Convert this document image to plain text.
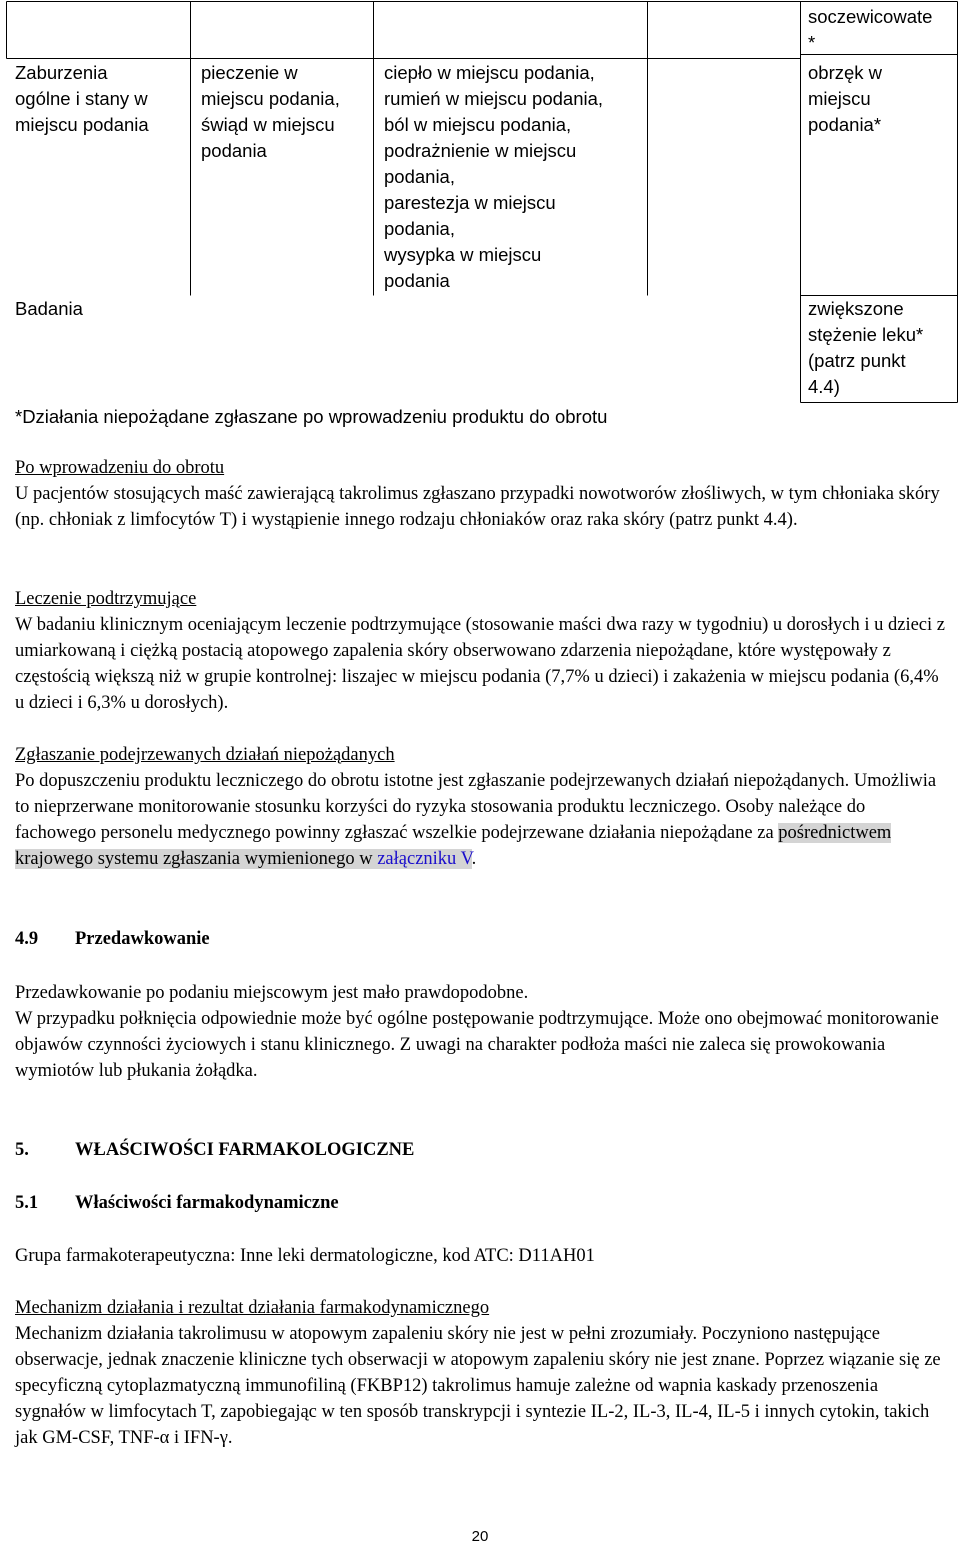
Zaburzenia
ogólne i stany w
miejscu podania
pieczenie w
miejscu podania,
świąd w miejscu
podania
ciepło w miejscu podania,
rumień w miejscu podania,
ból w miejscu podania,
podrażnienie w miejscu
podania,
parestezja w miejscu
podania,
wysypka w miejscu
podania
soczewicowate
*
obrzęk w
miejscu
podania*
Badania	zwiększone
stężenie leku*
(patrz punkt
4.4)
*Działania niepożądane zgłaszane po wprowadzeniu produktu do obrotu

Po wprowadzeniu do obrotu

U pacjentów stosujących maść zawierającą takrolimus zgłaszano przypadki nowotworów złośliwych, w tym chłoniaka skóry (np. chłoniak z limfocytów T) i wystąpienie innego rodzaju chłoniaków oraz raka skóry (patrz punkt 4.4).

Leczenie podtrzymujące

W badaniu klinicznym oceniającym leczenie podtrzymujące (stosowanie maści dwa razy w tygodniu) u dorosłych i u dzieci z umiarkowaną i ciężką postacią atopowego zapalenia skóry obserwowano zdarzenia niepożądane, które występowały z częstością większą niż w grupie kontrolnej: liszajec w miejscu podania (7,7% u dzieci) i zakażenia w miejscu podania (6,4% u dzieci i 6,3% u dorosłych).

Zgłaszanie podejrzewanych działań niepożądanych

Po dopuszczeniu produktu leczniczego do obrotu istotne jest zgłaszanie podejrzewanych działań niepożądanych. Umożliwia to nieprzerwane monitorowanie stosunku korzyści do ryzyka stosowania produktu leczniczego. Osoby należące do fachowego personelu medycznego powinny zgłaszać wszelkie podejrzewane działania niepożądane za pośrednictwem krajowego systemu zgłaszania wymienionego w załączniku V.

4.9 Przedawkowanie

Przedawkowanie po podaniu miejscowym jest mało prawdopodobne.

W przypadku połknięcia odpowiednie może być ogólne postępowanie podtrzymujące. Może ono obejmować monitorowanie objawów czynności życiowych i stanu klinicznego. Z uwagi na charakter podłoża maści nie zaleca się prowokowania wymiotów lub płukania żołądka.

5. WŁAŚCIWOŚCI FARMAKOLOGICZNE
5.1 Właściwości farmakodynamiczne
Grupa farmakoterapeutyczna: Inne leki dermatologiczne, kod ATC: D11AH01

Mechanizm działania i rezultat działania farmakodynamicznego

Mechanizm działania takrolimusu w atopowym zapaleniu skóry nie jest w pełni zrozumiały. Poczyniono następujące obserwacje, jednak znaczenie kliniczne tych obserwacji w atopowym zapaleniu skóry nie jest znane. Poprzez wiązanie się ze specyficzną cytoplazmatyczną immunofiliną (FKBP12) takrolimus hamuje zależne od wapnia kaskady przenoszenia sygnałów w limfocytach T, zapobiegając w ten sposób transkrypcji i syntezie IL-2, IL-3, IL-4, IL-5 i innych cytokin, takich jak GM-CSF, TNF-α i IFN-γ.

20
